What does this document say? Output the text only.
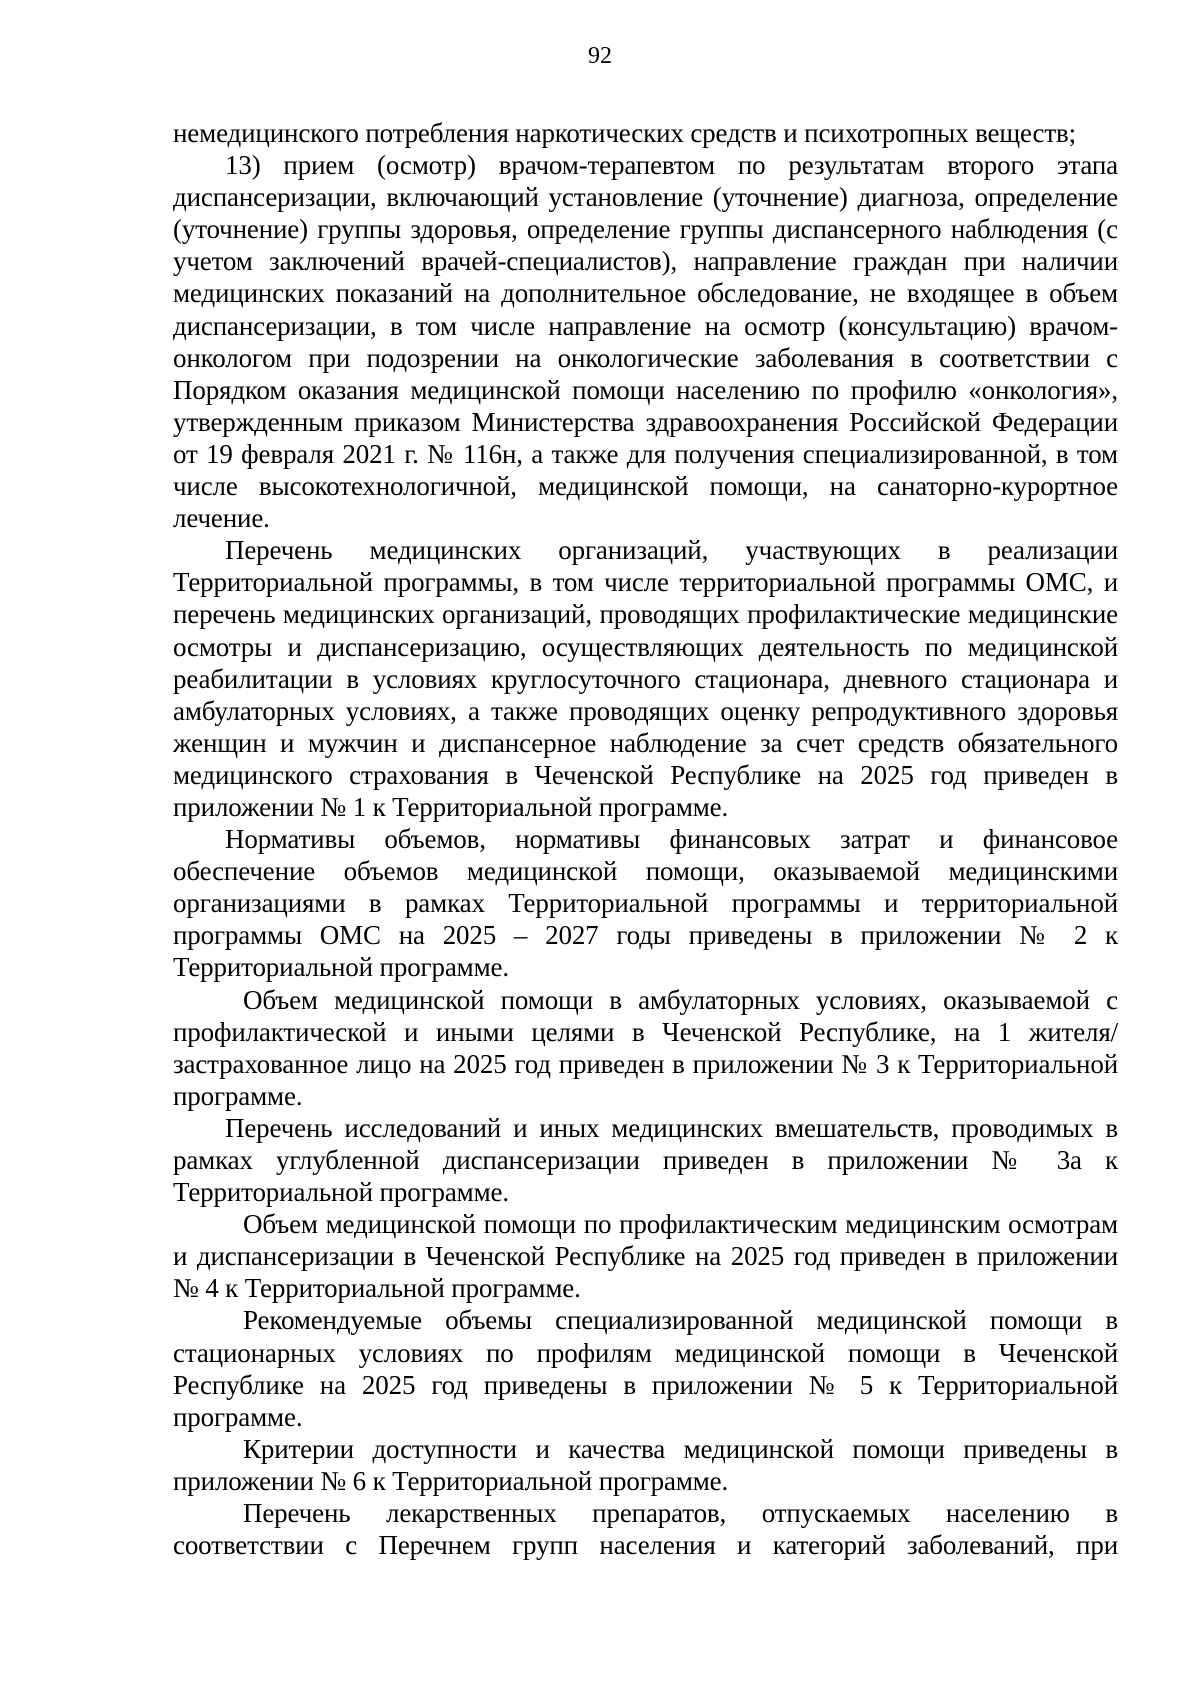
92

немедицинского потребления наркотических средств и психотропных веществ;

13) прием (осмотр) врачом-терапевтом по результатам второго этапа диспансеризации, включающий установление (уточнение) диагноза, определение (уточнение) группы здоровья, определение группы диспансерного наблюдения (с учетом заключений врачей-специалистов), направление граждан при наличии медицинских показаний на дополнительное обследование, не входящее в объем диспансеризации, в том числе направление на осмотр (консультацию) врачом-онкологом при подозрении на онкологические заболевания в соответствии с Порядком оказания медицинской помощи населению по профилю «онкология», утвержденным приказом Министерства здравоохранения Российской Федерации от 19 февраля 2021 г. № 116н, а также для получения специализированной, в том числе высокотехнологичной, медицинской помощи, на санаторно-курортное лечение.

Перечень медицинских организаций, участвующих в реализации Территориальной программы, в том числе территориальной программы ОМС, и перечень медицинских организаций, проводящих профилактические медицинские осмотры и диспансеризацию, осуществляющих деятельность по медицинской реабилитации в условиях круглосуточного стационара, дневного стационара и амбулаторных условиях, а также проводящих оценку репродуктивного здоровья женщин и мужчин и диспансерное наблюдение за счет средств обязательного медицинского страхования в Чеченской Республике на 2025 год приведен в приложении № 1 к Территориальной программе.

Нормативы объемов, нормативы финансовых затрат и финансовое обеспечение объемов медицинской помощи, оказываемой медицинскими организациями в рамках Территориальной программы и территориальной программы ОМС на 2025 – 2027 годы приведены в приложении № 2 к Территориальной программе.

Объем медицинской помощи в амбулаторных условиях, оказываемой с профилактической и иными целями в Чеченской Республике, на 1 жителя/застрахованное лицо на 2025 год приведен в приложении № 3 к Территориальной программе.

Перечень исследований и иных медицинских вмешательств, проводимых в рамках углубленной диспансеризации приведен в приложении № 3а к Территориальной программе.

Объем медицинской помощи по профилактическим медицинским осмотрам и диспансеризации в Чеченской Республике на 2025 год приведен в приложении № 4 к Территориальной программе.

Рекомендуемые объемы специализированной медицинской помощи в стационарных условиях по профилям медицинской помощи в Чеченской Республике на 2025 год приведены в приложении № 5 к Территориальной программе.

Критерии доступности и качества медицинской помощи приведены в приложении № 6 к Территориальной программе.

Перечень лекарственных препаратов, отпускаемых населению в соответствии с Перечнем групп населения и категорий заболеваний, при
